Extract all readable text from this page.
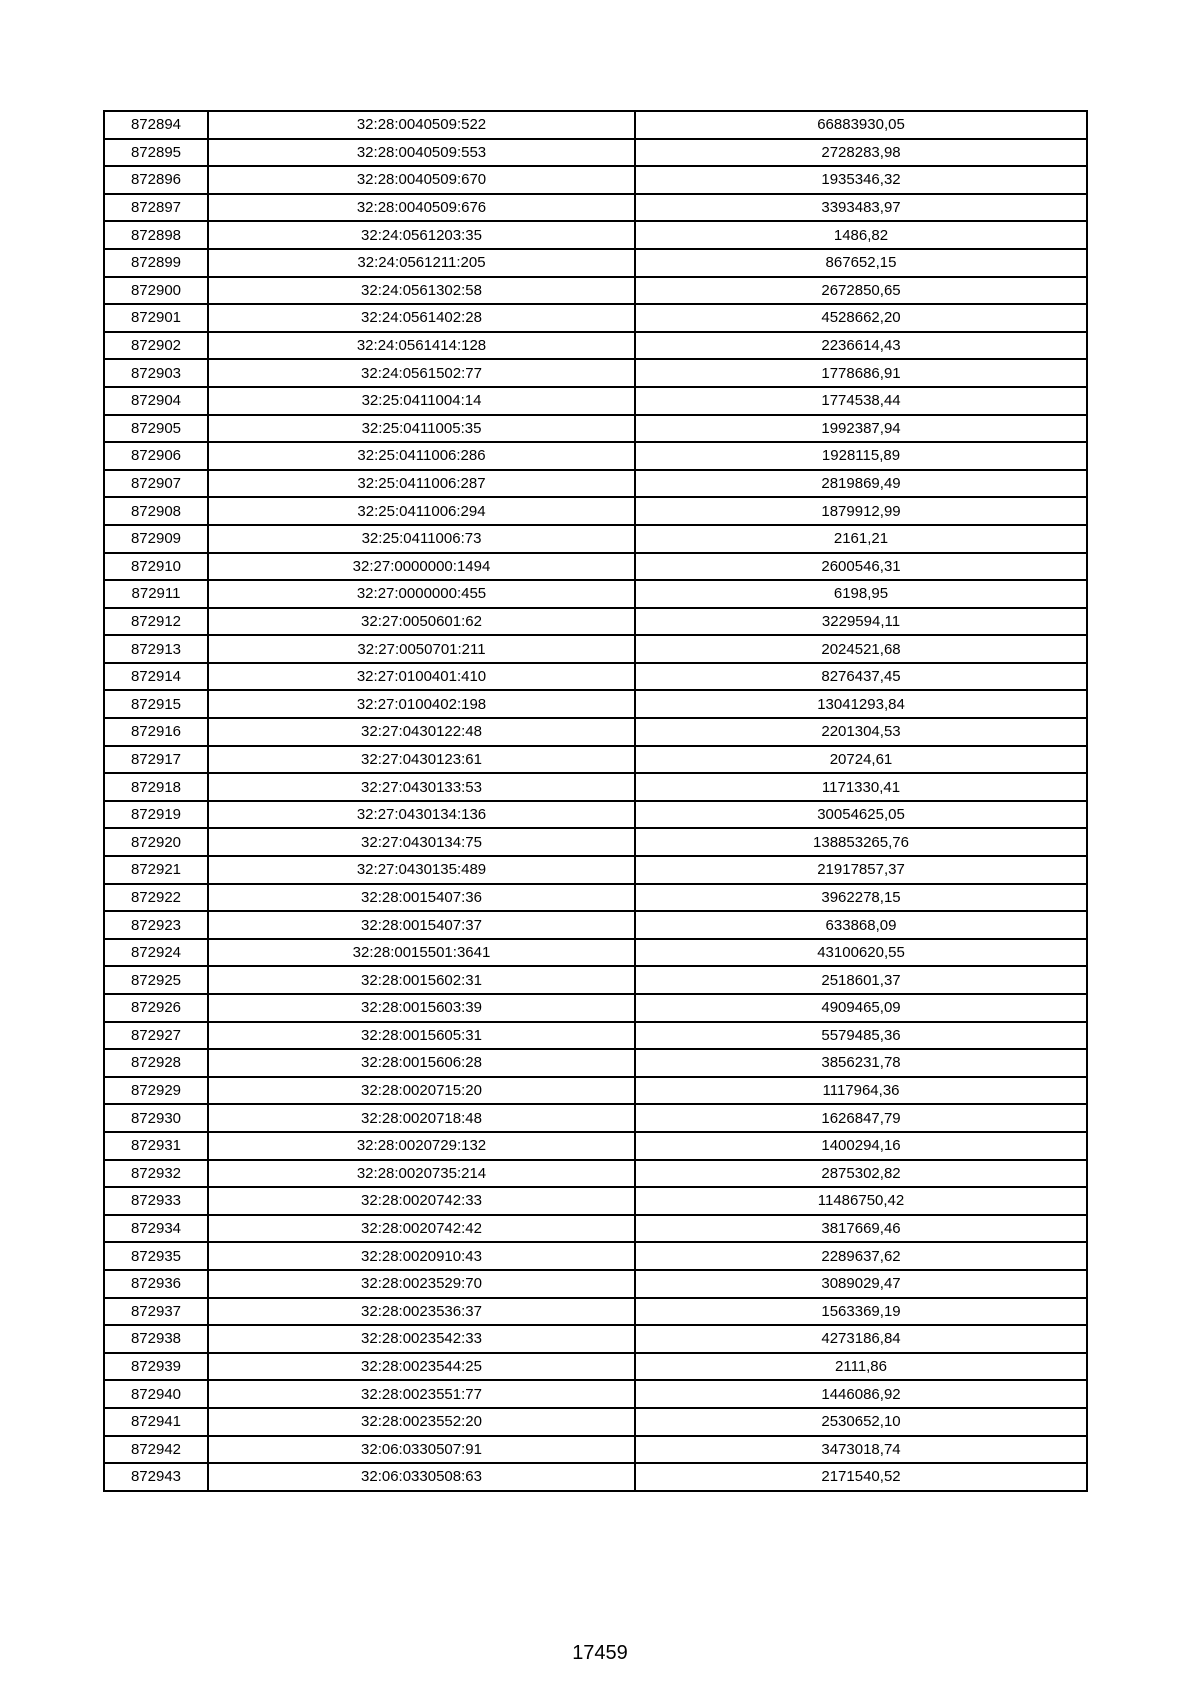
872894	32:28:0040509:522	66883930,05
872895	32:28:0040509:553	2728283,98
872896	32:28:0040509:670	1935346,32
872897	32:28:0040509:676	3393483,97
872898	32:24:0561203:35	1486,82
872899	32:24:0561211:205	867652,15
872900	32:24:0561302:58	2672850,65
872901	32:24:0561402:28	4528662,20
872902	32:24:0561414:128	2236614,43
872903	32:24:0561502:77	1778686,91
872904	32:25:0411004:14	1774538,44
872905	32:25:0411005:35	1992387,94
872906	32:25:0411006:286	1928115,89
872907	32:25:0411006:287	2819869,49
872908	32:25:0411006:294	1879912,99
872909	32:25:0411006:73	2161,21
872910	32:27:0000000:1494	2600546,31
872911	32:27:0000000:455	6198,95
872912	32:27:0050601:62	3229594,11
872913	32:27:0050701:211	2024521,68
872914	32:27:0100401:410	8276437,45
872915	32:27:0100402:198	13041293,84
872916	32:27:0430122:48	2201304,53
872917	32:27:0430123:61	20724,61
872918	32:27:0430133:53	1171330,41
872919	32:27:0430134:136	30054625,05
872920	32:27:0430134:75	138853265,76
872921	32:27:0430135:489	21917857,37
872922	32:28:0015407:36	3962278,15
872923	32:28:0015407:37	633868,09
872924	32:28:0015501:3641	43100620,55
872925	32:28:0015602:31	2518601,37
872926	32:28:0015603:39	4909465,09
872927	32:28:0015605:31	5579485,36
872928	32:28:0015606:28	3856231,78
872929	32:28:0020715:20	1117964,36
872930	32:28:0020718:48	1626847,79
872931	32:28:0020729:132	1400294,16
872932	32:28:0020735:214	2875302,82
872933	32:28:0020742:33	11486750,42
872934	32:28:0020742:42	3817669,46
872935	32:28:0020910:43	2289637,62
872936	32:28:0023529:70	3089029,47
872937	32:28:0023536:37	1563369,19
872938	32:28:0023542:33	4273186,84
872939	32:28:0023544:25	2111,86
872940	32:28:0023551:77	1446086,92
872941	32:28:0023552:20	2530652,10
872942	32:06:0330507:91	3473018,74
872943	32:06:0330508:63	2171540,52
17459
